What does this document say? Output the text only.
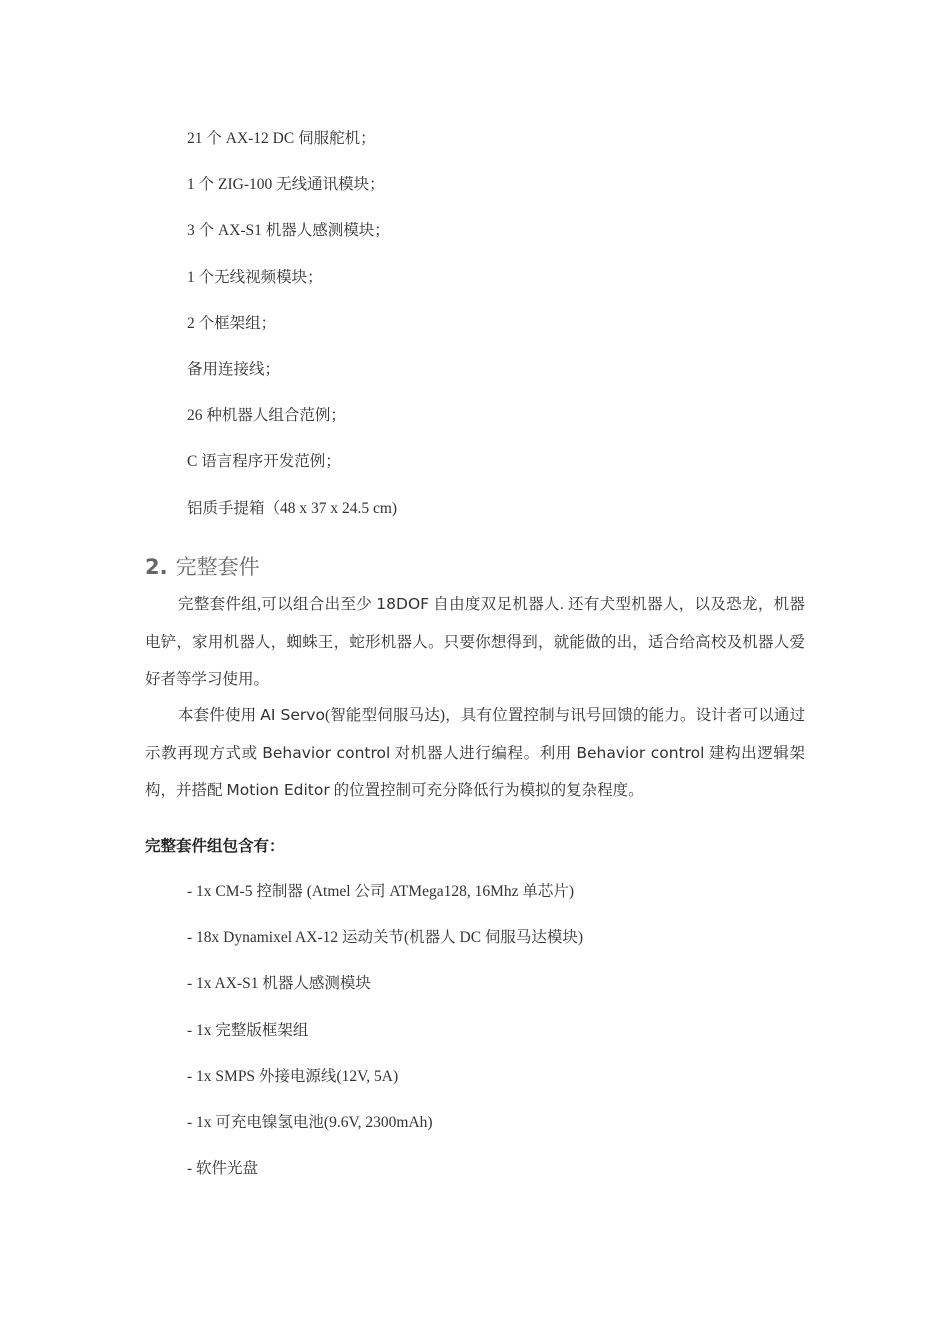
21 个 AX-12 DC 伺服舵机；
1 个 ZIG-100 无线通讯模块；
3 个 AX-S1 机器人感测模块；
1 个无线视频模块；
2 个框架组；
备用连接线；
26 种机器人组合范例；
C 语言程序开发范例；
铝质手提箱（48 x 37 x 24.5 cm)
2. 完整套件

完整套件组,可以组合出至少 18DOF 自由度双足机器人. 还有犬型机器人，以及恐龙，机器电铲，家用机器人，蜘蛛王，蛇形机器人。只要你想得到，就能做的出，适合给高校及机器人爱好者等学习使用。

本套件使用 AI Servo(智能型伺服马达)，具有位置控制与讯号回馈的能力。设计者可以通过示教再现方式或 Behavior control 对机器人进行编程。利用 Behavior control 建构出逻辑架构，并搭配 Motion Editor 的位置控制可充分降低行为模拟的复杂程度。

完整套件组包含有：

- 1x CM-5 控制器 (Atmel 公司 ATMega128, 16Mhz 单芯片)
- 18x Dynamixel AX-12 运动关节(机器人 DC 伺服马达模块)
- 1x AX-S1 机器人感测模块
- 1x 完整版框架组
- 1x SMPS 外接电源线(12V, 5A)
- 1x 可充电镍氢电池(9.6V, 2300mAh)
- 软件光盘
